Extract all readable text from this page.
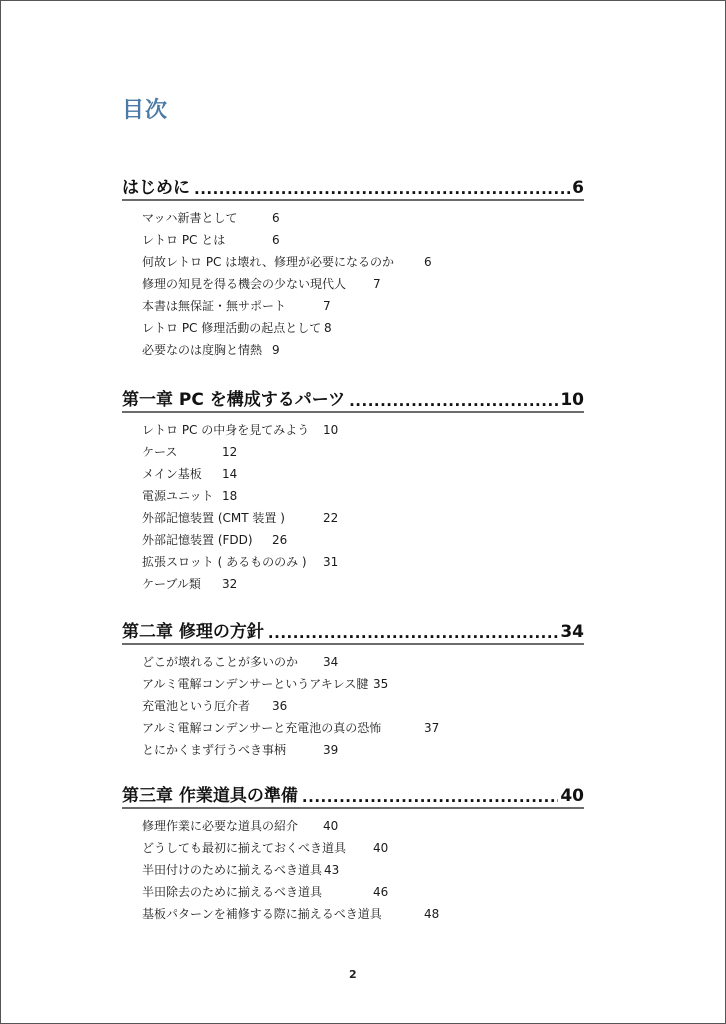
目次
はじめに .....	6
マッハ新書として	6
レトロ PC とは	6
何故レトロ PC は壊れ、修理が必要になるのか	6
修理の知見を得る機会の少ない現代人 7
本書は無保証・無サポート	7
レトロ PC 修理活動の起点として 8
必要なのは度胸と情熱 9
第一章 PC を構成するパーツ .....	10
レトロ PC の中身を見てみよう 10
ケース	12
メイン基板 14
電源ユニット 18
外部記憶装置 (CMT 装置 )	22
外部記憶装置 (FDD) 26
拡張スロット ( あるもののみ ) 31
ケーブル類 32
第二章 修理の方針 .....	34
どこが壊れることが多いのか 34
アルミ電解コンデンサーというアキレス腱 35
充電池という厄介者 36
アルミ電解コンデンサーと充電池の真の恐怖	37
とにかくまず行うべき事柄	39
第三章 作業道具の準備 .....	40
修理作業に必要な道具の紹介 40
どうしても最初に揃えておくべき道具 40
半田付けのために揃えるべき道具 43
半田除去のために揃えるべき道具	46
基板パターンを補修する際に揃えるべき道具	48
2
